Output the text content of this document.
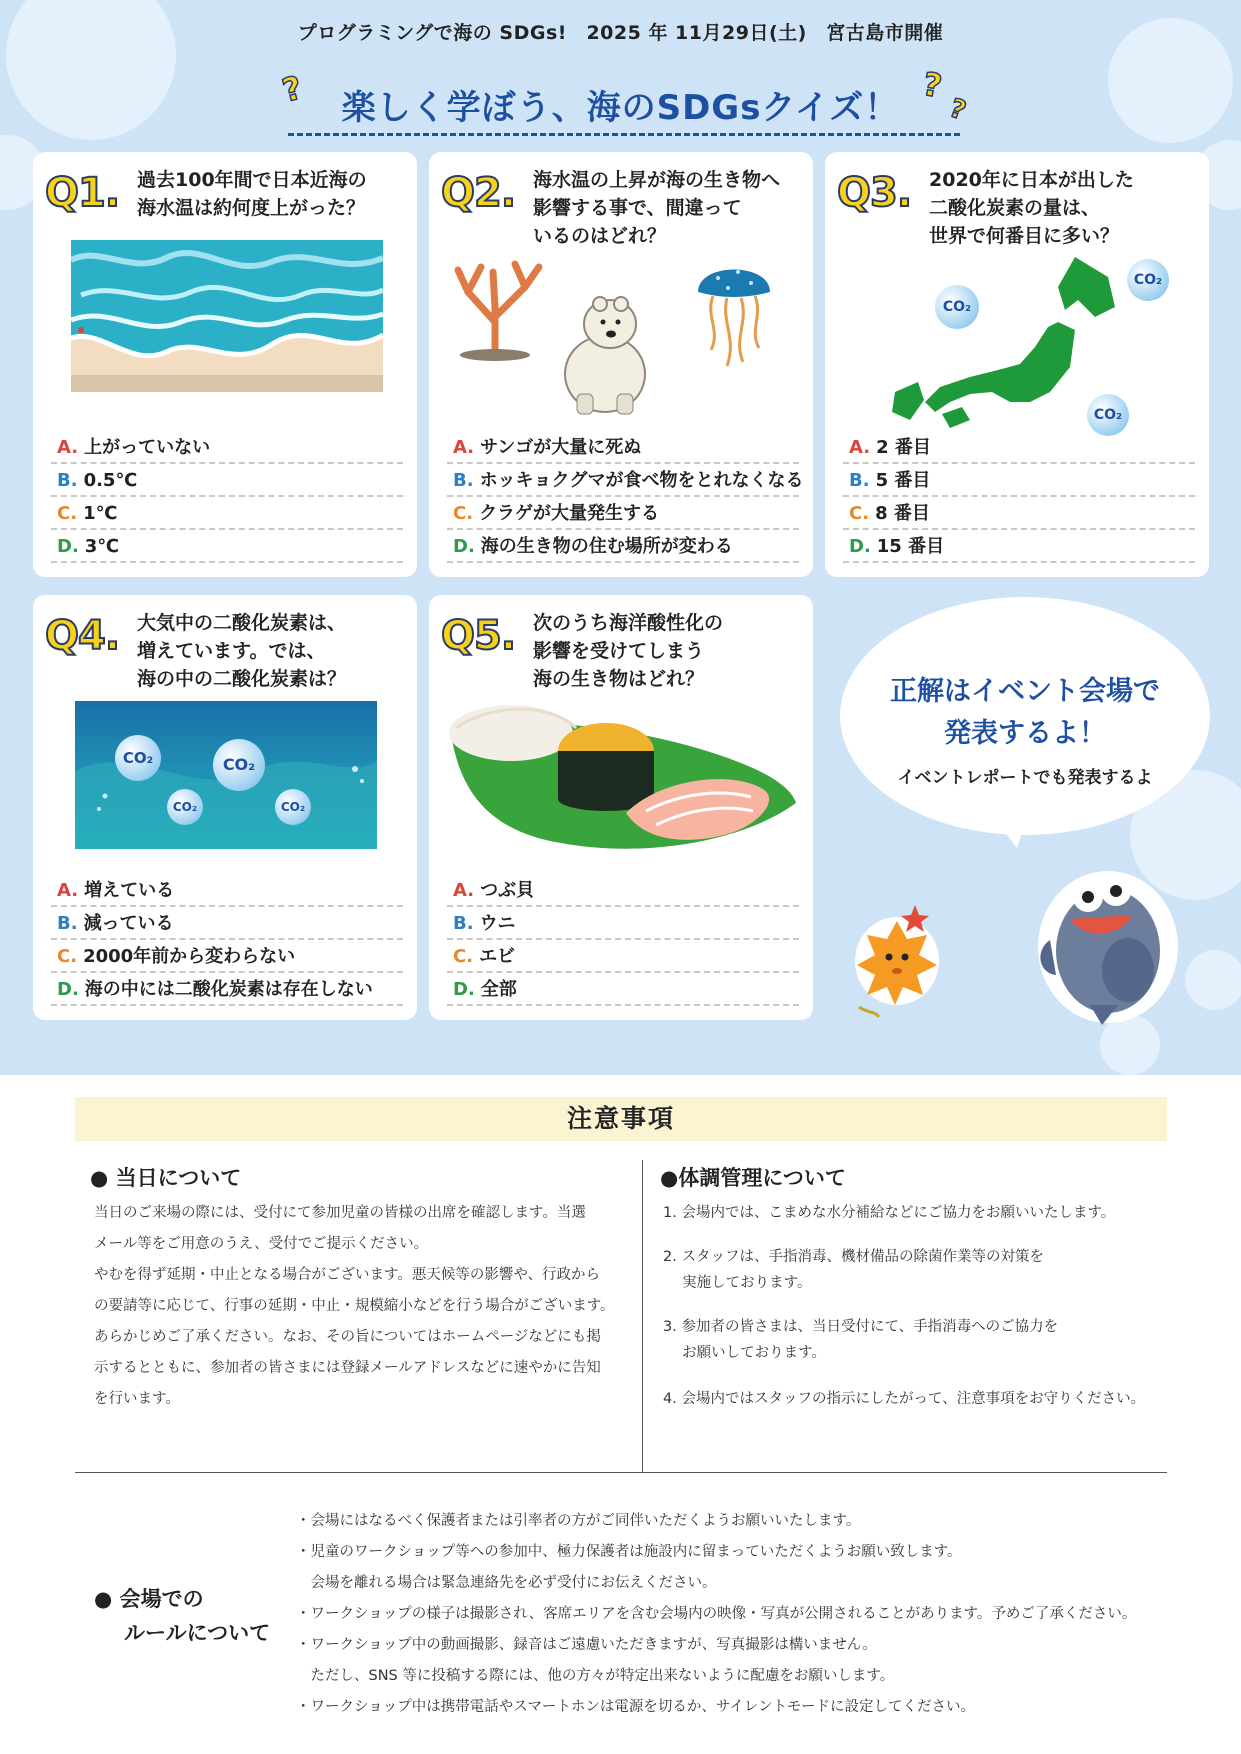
プログラミングで海の SDGs!　2025 年 11月29日(土)　宮古島市開催
?	?
?
楽しく学ぼう、海のSDGsクイズ！
Q1. 過去100年間で日本近海の
海水温は約何度上がった？
A. 上がっていない
B. 0.5℃
C. 1℃
D. 3℃
Q2. 海水温の上昇が海の生き物へ
影響する事で、間違って
いるのはどれ？
A. サンゴが大量に死ぬ
B. ホッキョクグマが食べ物をとれなくなる
C. クラゲが大量発生する
D. 海の生き物の住む場所が変わる
Q3. 2020年に日本が出した
二酸化炭素の量は、
世界で何番目に多い？
CO₂
CO₂
CO₂
A. 2 番目
B. 5 番目
C. 8 番目
D. 15 番目
Q4. 大気中の二酸化炭素は、
増えています。では、
海の中の二酸化炭素は？
CO₂	CO₂
CO₂	CO₂
A. 増えている
B. 減っている
C. 2000年前から変わらない
D. 海の中には二酸化炭素は存在しない
Q5. 次のうち海洋酸性化の
影響を受けてしまう
海の生き物はどれ？
A. つぶ貝
B. ウニ
C. エビ
D. 全部
正解はイベント会場で
発表するよ！
イベントレポートでも発表するよ
注意事項
● 当日について

当日のご来場の際には、受付にて参加児童の皆様の出席を確認します。当選

メール等をご用意のうえ、受付でご提示ください。

やむを得ず延期・中止となる場合がございます。悪天候等の影響や、行政から

の要請等に応じて、行事の延期・中止・規模縮小などを行う場合がございます。

あらかじめご了承ください。なお、その旨についてはホームページなどにも掲

示するとともに、参加者の皆さまには登録メールアドレスなどに速やかに告知

を行います。

●体調管理について

1. 会場内では、こまめな水分補給などにご協力をお願いいたします。

2. スタッフは、手指消毒、機材備品の除菌作業等の対策を

　 実施しております。

3. 参加者の皆さまは、当日受付にて、手指消毒へのご協力を

　 お願いしております。

4. 会場内ではスタッフの指示にしたがって、注意事項をお守りください。

● 会場での
ルールについて

・会場にはなるべく保護者または引率者の方がご同伴いただくようお願いいたします。

・児童のワークショップ等への参加中、極力保護者は施設内に留まっていただくようお願い致します。

　会場を離れる場合は緊急連絡先を必ず受付にお伝えください。

・ワークショップの様子は撮影され、客席エリアを含む会場内の映像・写真が公開されることがあります。予めご了承ください。

・ワークショップ中の動画撮影、録音はご遠慮いただきますが、写真撮影は構いません。

　ただし、SNS 等に投稿する際には、他の方々が特定出来ないように配慮をお願いします。

・ワークショップ中は携帯電話やスマートホンは電源を切るか、サイレントモードに設定してください。
